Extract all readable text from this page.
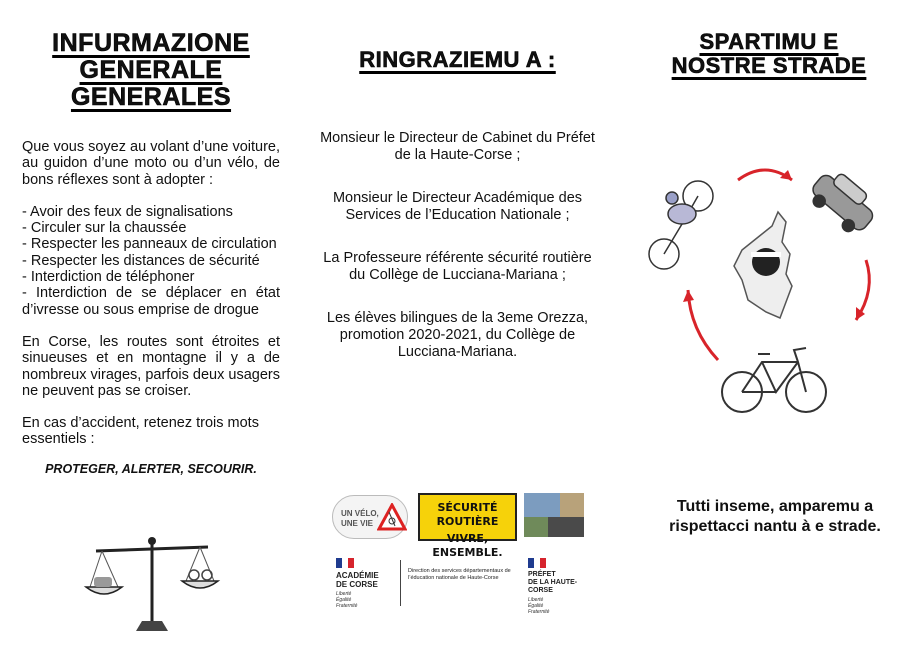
INFURMAZIONE
GENERALE
GENERALES

Que vous soyez au volant d’une voiture, au guidon d’une moto ou d’un vélo, de bons réflexes sont à adopter :

- Avoir des feux de signalisations
- Circuler sur la chaussée
- Respecter les panneaux de circulation
- Respecter les distances de sécurité
- Interdiction de téléphoner
- Interdiction de se déplacer en état d’ivresse ou sous emprise de drogue

En Corse, les routes sont étroites et sinueuses et en montagne il y a de nombreux virages, parfois deux usagers ne peuvent pas se croiser.

En cas d’accident, retenez trois mots essentiels :

PROTEGER, ALERTER, SECOURIR.
RINGRAZIEMU A :

Monsieur le Directeur de Cabinet du Préfet de la Haute-Corse ;

Monsieur le Directeur Académique des Services de l’Education Nationale ;

La Professeure référente sécurité routière du Collège de Lucciana-Mariana ;

Les élèves bilingues de la 3eme Orezza, promotion 2020-2021, du Collège de Lucciana-Mariana.

UN VÉLO,
UNE VIE
SÉCURITÉ ROUTIÈRE
VIVRE, ENSEMBLE.
ACADÉMIE
DE CORSE
Liberté
Égalité
Fraternité
Direction des services départementaux de l’éducation nationale de Haute-Corse	PRÉFET
DE LA HAUTE-
CORSE
Liberté
Égalité
Fraternité
SPARTIMU E
NOSTRE STRADE
Tutti inseme, amparemu a rispettacci nantu à e strade.
